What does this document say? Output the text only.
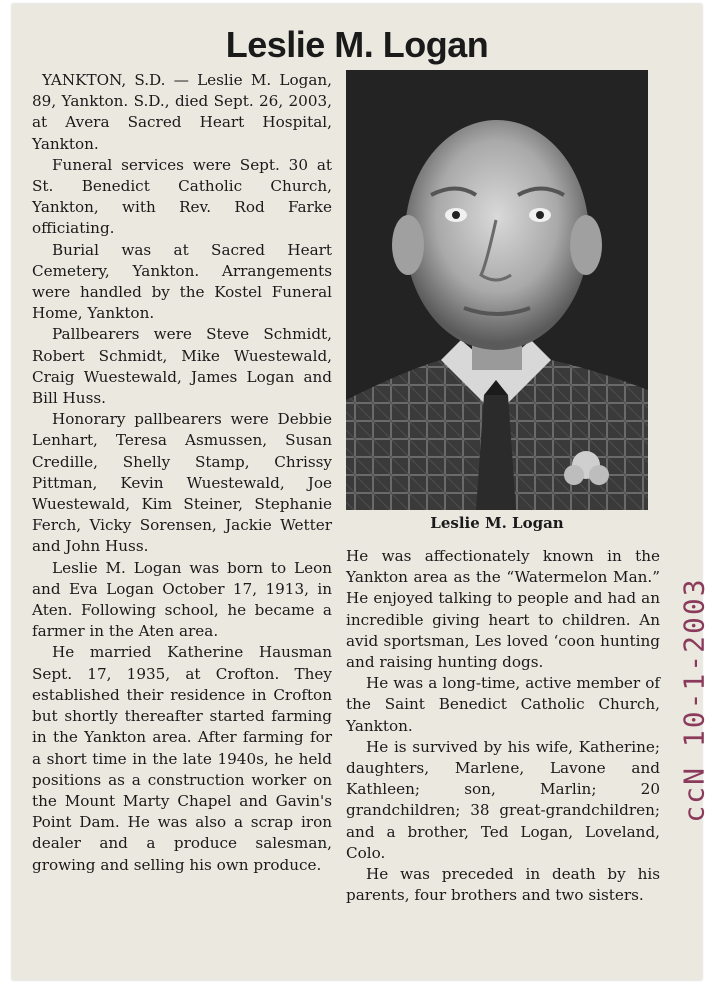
Leslie M. Logan

YANKTON, S.D. — Leslie M. Logan, 89, Yankton. S.D., died Sept. 26, 2003, at Avera Sacred Heart Hospital, Yankton.

Funeral services were Sept. 30 at St. Benedict Catholic Church, Yankton, with Rev. Rod Farke officiating.

Burial was at Sacred Heart Cemetery, Yankton. Arrangements were handled by the Kostel Funeral Home, Yankton.

Pallbearers were Steve Schmidt, Robert Schmidt, Mike Wuestewald, Craig Wuestewald, James Logan and Bill Huss.

Honorary pallbearers were Debbie Lenhart, Teresa Asmussen, Susan Credille, Shelly Stamp, Chrissy Pittman, Kevin Wuestewald, Joe Wuestewald, Kim Steiner, Stephanie Ferch, Vicky Sorensen, Jackie Wetter and John Huss.

Leslie M. Logan was born to Leon and Eva Logan October 17, 1913, in Aten. Following school, he became a farmer in the Aten area.

He married Katherine Hausman Sept. 17, 1935, at Crofton. They established their residence in Crofton but shortly thereafter started farming in the Yankton area. After farming for a short time in the late 1940s, he held positions as a construction worker on the Mount Marty Chapel and Gavin's Point Dam. He was also a scrap iron dealer and a produce salesman, growing and selling his own produce.

Leslie M. Logan

He was affectionately known in the Yankton area as the “Watermelon Man.” He enjoyed talking to people and had an incredible giving heart to children. An avid sportsman, Les loved ‘coon hunting and raising hunting dogs.

He was a long-time, active member of the Saint Benedict Catholic Church, Yankton.

He is survived by his wife, Katherine; daughters, Marlene, Lavone and Kathleen; son, Marlin; 20 grandchildren; 38 great-grandchildren; and a brother, Ted Logan, Loveland, Colo.

He was preceded in death by his parents, four brothers and two sisters.

ccN 10-1-2003
